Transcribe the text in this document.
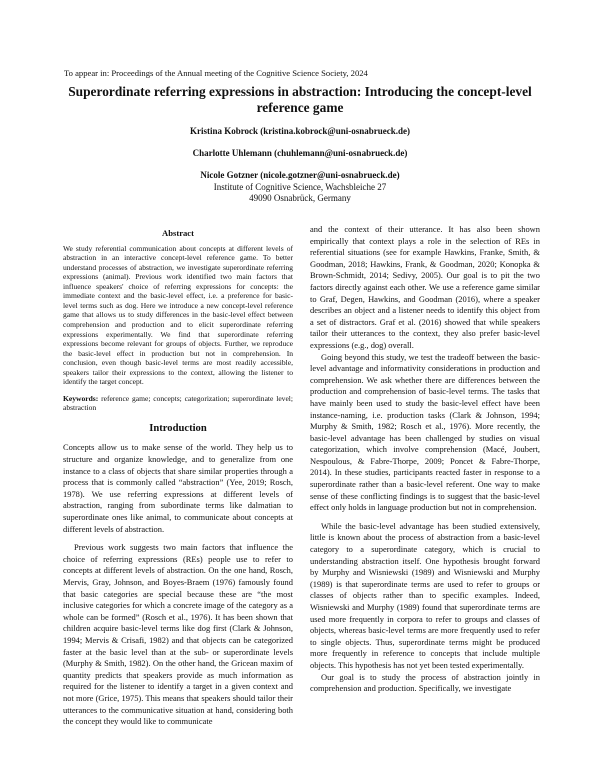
To appear in: Proceedings of the Annual meeting of the Cognitive Science Society, 2024
Superordinate referring expressions in abstraction: Introducing the concept-level reference game
Kristina Kobrock (kristina.kobrock@uni-osnabrueck.de)
Charlotte Uhlemann (chuhlemann@uni-osnabrueck.de)
Nicole Gotzner (nicole.gotzner@uni-osnabrueck.de)
Institute of Cognitive Science, Wachsbleiche 27
49090 Osnabrück, Germany
Abstract
We study referential communication about concepts at different levels of abstraction in an interactive concept-level reference game. To better understand processes of abstraction, we investigate superordinate referring expressions (animal). Previous work identified two main factors that influence speakers' choice of referring expressions for concepts: the immediate context and the basic-level effect, i.e. a preference for basic-level terms such as dog. Here we introduce a new concept-level reference game that allows us to study differences in the basic-level effect between comprehension and production and to elicit superordinate referring expressions experimentally. We find that superordinate referring expressions become relevant for groups of objects. Further, we reproduce the basic-level effect in production but not in comprehension. In conclusion, even though basic-level terms are most readily accessible, speakers tailor their expressions to the context, allowing the listener to identify the target concept.
Keywords: reference game; concepts; categorization; superordinate level; abstraction
Introduction

Concepts allow us to make sense of the world. They help us to structure and organize knowledge, and to generalize from one instance to a class of objects that share similar properties through a process that is commonly called “abstraction” (Yee, 2019; Rosch, 1978). We use referring expressions at different levels of abstraction, ranging from subordinate terms like dalmatian to superordinate ones like animal, to communicate about concepts at different levels of abstraction.

Previous work suggests two main factors that influence the choice of referring expressions (REs) people use to refer to concepts at different levels of abstraction. On the one hand, Rosch, Mervis, Gray, Johnson, and Boyes-Braem (1976) famously found that basic categories are special because these are “the most inclusive categories for which a concrete image of the category as a whole can be formed” (Rosch et al., 1976). It has been shown that children acquire basic-level terms like dog first (Clark & Johnson, 1994; Mervis & Crisafi, 1982) and that objects can be categorized faster at the basic level than at the sub- or superordinate levels (Murphy & Smith, 1982). On the other hand, the Gricean maxim of quantity predicts that speakers provide as much information as required for the listener to identify a target in a given context and not more (Grice, 1975). This means that speakers should tailor their utterances to the communicative situation at hand, considering both the concept they would like to communicate

and the context of their utterance. It has also been shown empirically that context plays a role in the selection of REs in referential situations (see for example Hawkins, Franke, Smith, & Goodman, 2018; Hawkins, Frank, & Goodman, 2020; Konopka & Brown-Schmidt, 2014; Sedivy, 2005). Our goal is to pit the two factors directly against each other. We use a reference game similar to Graf, Degen, Hawkins, and Goodman (2016), where a speaker describes an object and a listener needs to identify this object from a set of distractors. Graf et al. (2016) showed that while speakers tailor their utterances to the context, they also prefer basic-level expressions (e.g., dog) overall.

Going beyond this study, we test the tradeoff between the basic-level advantage and informativity considerations in production and comprehension. We ask whether there are differences between the production and comprehension of basic-level terms. The tasks that have mainly been used to study the basic-level effect have been instance-naming, i.e. production tasks (Clark & Johnson, 1994; Murphy & Smith, 1982; Rosch et al., 1976). More recently, the basic-level advantage has been challenged by studies on visual categorization, which involve comprehension (Macé, Joubert, Nespoulous, & Fabre-Thorpe, 2009; Poncet & Fabre-Thorpe, 2014). In these studies, participants reacted faster in response to a superordinate rather than a basic-level referent. One way to make sense of these conflicting findings is to suggest that the basic-level effect only holds in language production but not in comprehension.

While the basic-level advantage has been studied extensively, little is known about the process of abstraction from a basic-level category to a superordinate category, which is crucial to understanding abstraction itself. One hypothesis brought forward by Murphy and Wisniewski (1989) and Wisniewski and Murphy (1989) is that superordinate terms are used to refer to groups or classes of objects rather than to specific examples. Indeed, Wisniewski and Murphy (1989) found that superordinate terms are used more frequently in corpora to refer to groups and classes of objects, whereas basic-level terms are more frequently used to refer to single objects. Thus, superordinate terms might be produced more frequently in reference to concepts that include multiple objects. This hypothesis has not yet been tested experimentally.

Our goal is to study the process of abstraction jointly in comprehension and production. Specifically, we investigate
